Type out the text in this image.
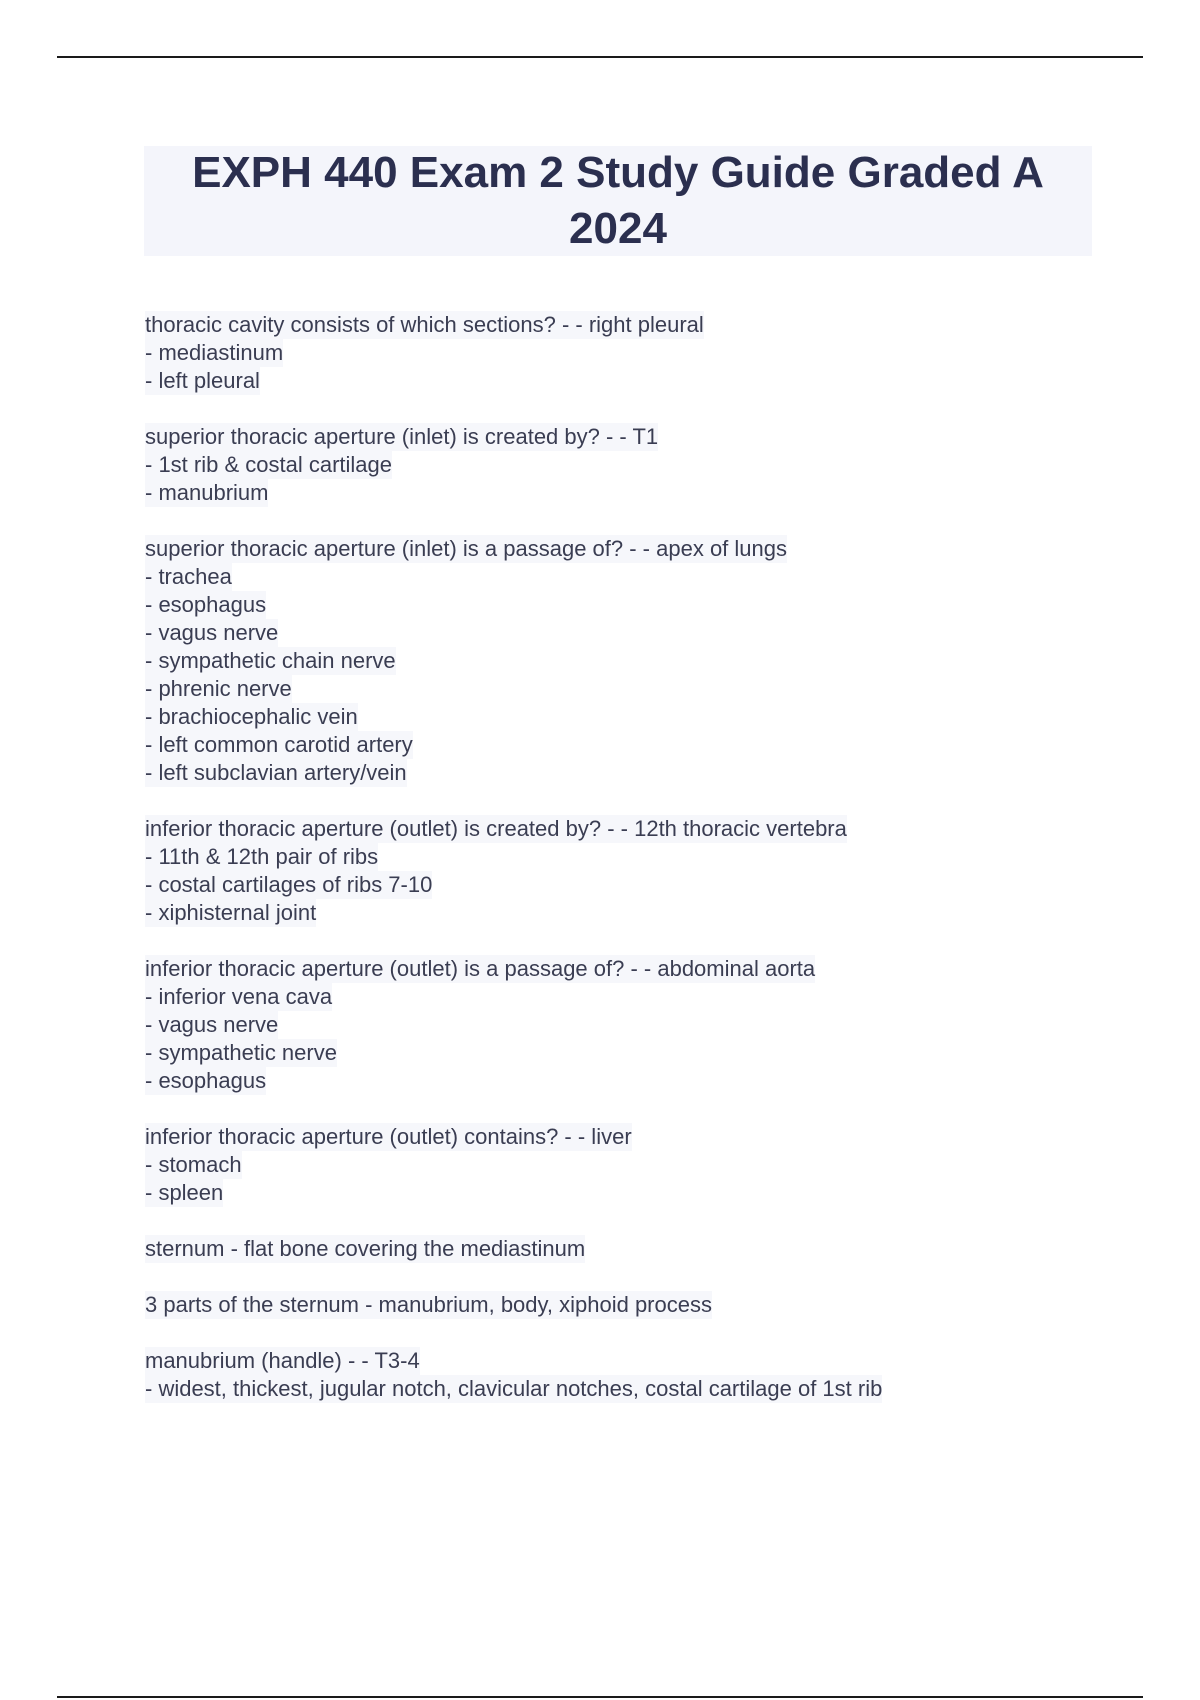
EXPH 440 Exam 2 Study Guide Graded A 2024
thoracic cavity consists of which sections? - - right pleural
- mediastinum
- left pleural
superior thoracic aperture (inlet) is created by? - - T1
- 1st rib & costal cartilage
- manubrium
superior thoracic aperture (inlet) is a passage of? - - apex of lungs
- trachea
- esophagus
- vagus nerve
- sympathetic chain nerve
- phrenic nerve
- brachiocephalic vein
- left common carotid artery
- left subclavian artery/vein
inferior thoracic aperture (outlet) is created by? - - 12th thoracic vertebra
- 11th & 12th pair of ribs
- costal cartilages of ribs 7-10
- xiphisternal joint
inferior thoracic aperture (outlet) is a passage of? - - abdominal aorta
- inferior vena cava
- vagus nerve
- sympathetic nerve
- esophagus
inferior thoracic aperture (outlet) contains? - - liver
- stomach
- spleen
sternum - flat bone covering the mediastinum
3 parts of the sternum - manubrium, body, xiphoid process
manubrium (handle) - - T3-4
- widest, thickest, jugular notch, clavicular notches, costal cartilage of 1st rib
